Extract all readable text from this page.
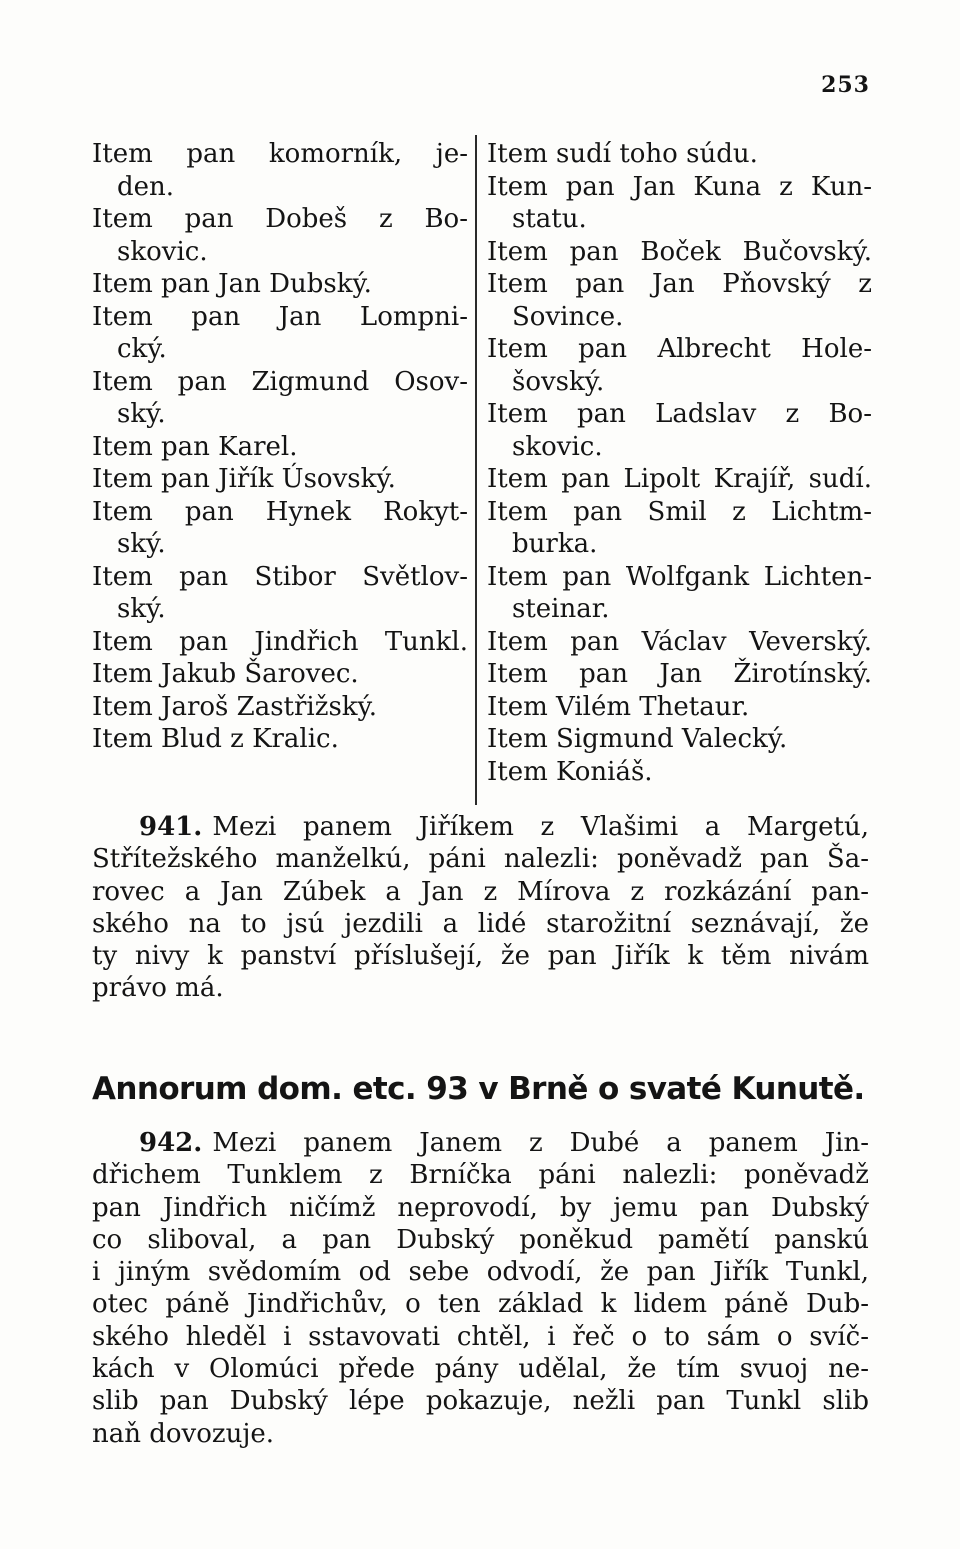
253
Item pan komorník, je-
den.
Item pan Dobeš z Bo-
skovic.
Item pan Jan Dubský.
Item pan Jan Lompni-
cký.
Item pan Zigmund Osov-
ský.
Item pan Karel.
Item pan Jiřík Úsovský.
Item pan Hynek Rokyt-
ský.
Item pan Stibor Světlov-
ský.
Item pan Jindřich Tunkl.
Item Jakub Šarovec.
Item Jaroš Zastřižský.
Item Blud z Kralic.
Item sudí toho súdu.
Item pan Jan Kuna z Kun-
statu.
Item pan Boček Bučovský.
Item pan Jan Pňovský z
Sovince.
Item pan Albrecht Hole-
šovský.
Item pan Ladslav z Bo-
skovic.
Item pan Lipolt Krajíř, sudí.
Item pan Smil z Lichtm-
burka.
Item pan Wolfgank Lichten-
steinar.
Item pan Václav Veverský.
Item pan Jan Žirotínský.
Item Vilém Thetaur.
Item Sigmund Valecký.
Item Koniáš.
941. Mezi panem Jiříkem z Vlašimi a Margetú,
Střítežského manželkú, páni nalezli: poněvadž pan Ša-
rovec a Jan Zúbek a Jan z Mírova z rozkázání pan-
ského na to jsú jezdili a lidé starožitní seznávají, že
ty nivy k panství příslušejí, že pan Jiřík k těm nivám
právo má.
Annorum dom. etc. 93 v Brně o svaté Kunutě.
942. Mezi panem Janem z Dubé a panem Jin-
dřichem Tunklem z Brníčka páni nalezli: poněvadž
pan Jindřich ničímž neprovodí, by jemu pan Dubský
co sliboval, a pan Dubský poněkud pamětí panskú
i jiným svědomím od sebe odvodí, že pan Jiřík Tunkl,
otec páně Jindřichův, o ten základ k lidem páně Dub-
ského hleděl i sstavovati chtěl, i řeč o to sám o svíč-
kách v Olomúci přede pány udělal, že tím svuoj ne-
slib pan Dubský lépe pokazuje, nežli pan Tunkl slib
naň dovozuje.
